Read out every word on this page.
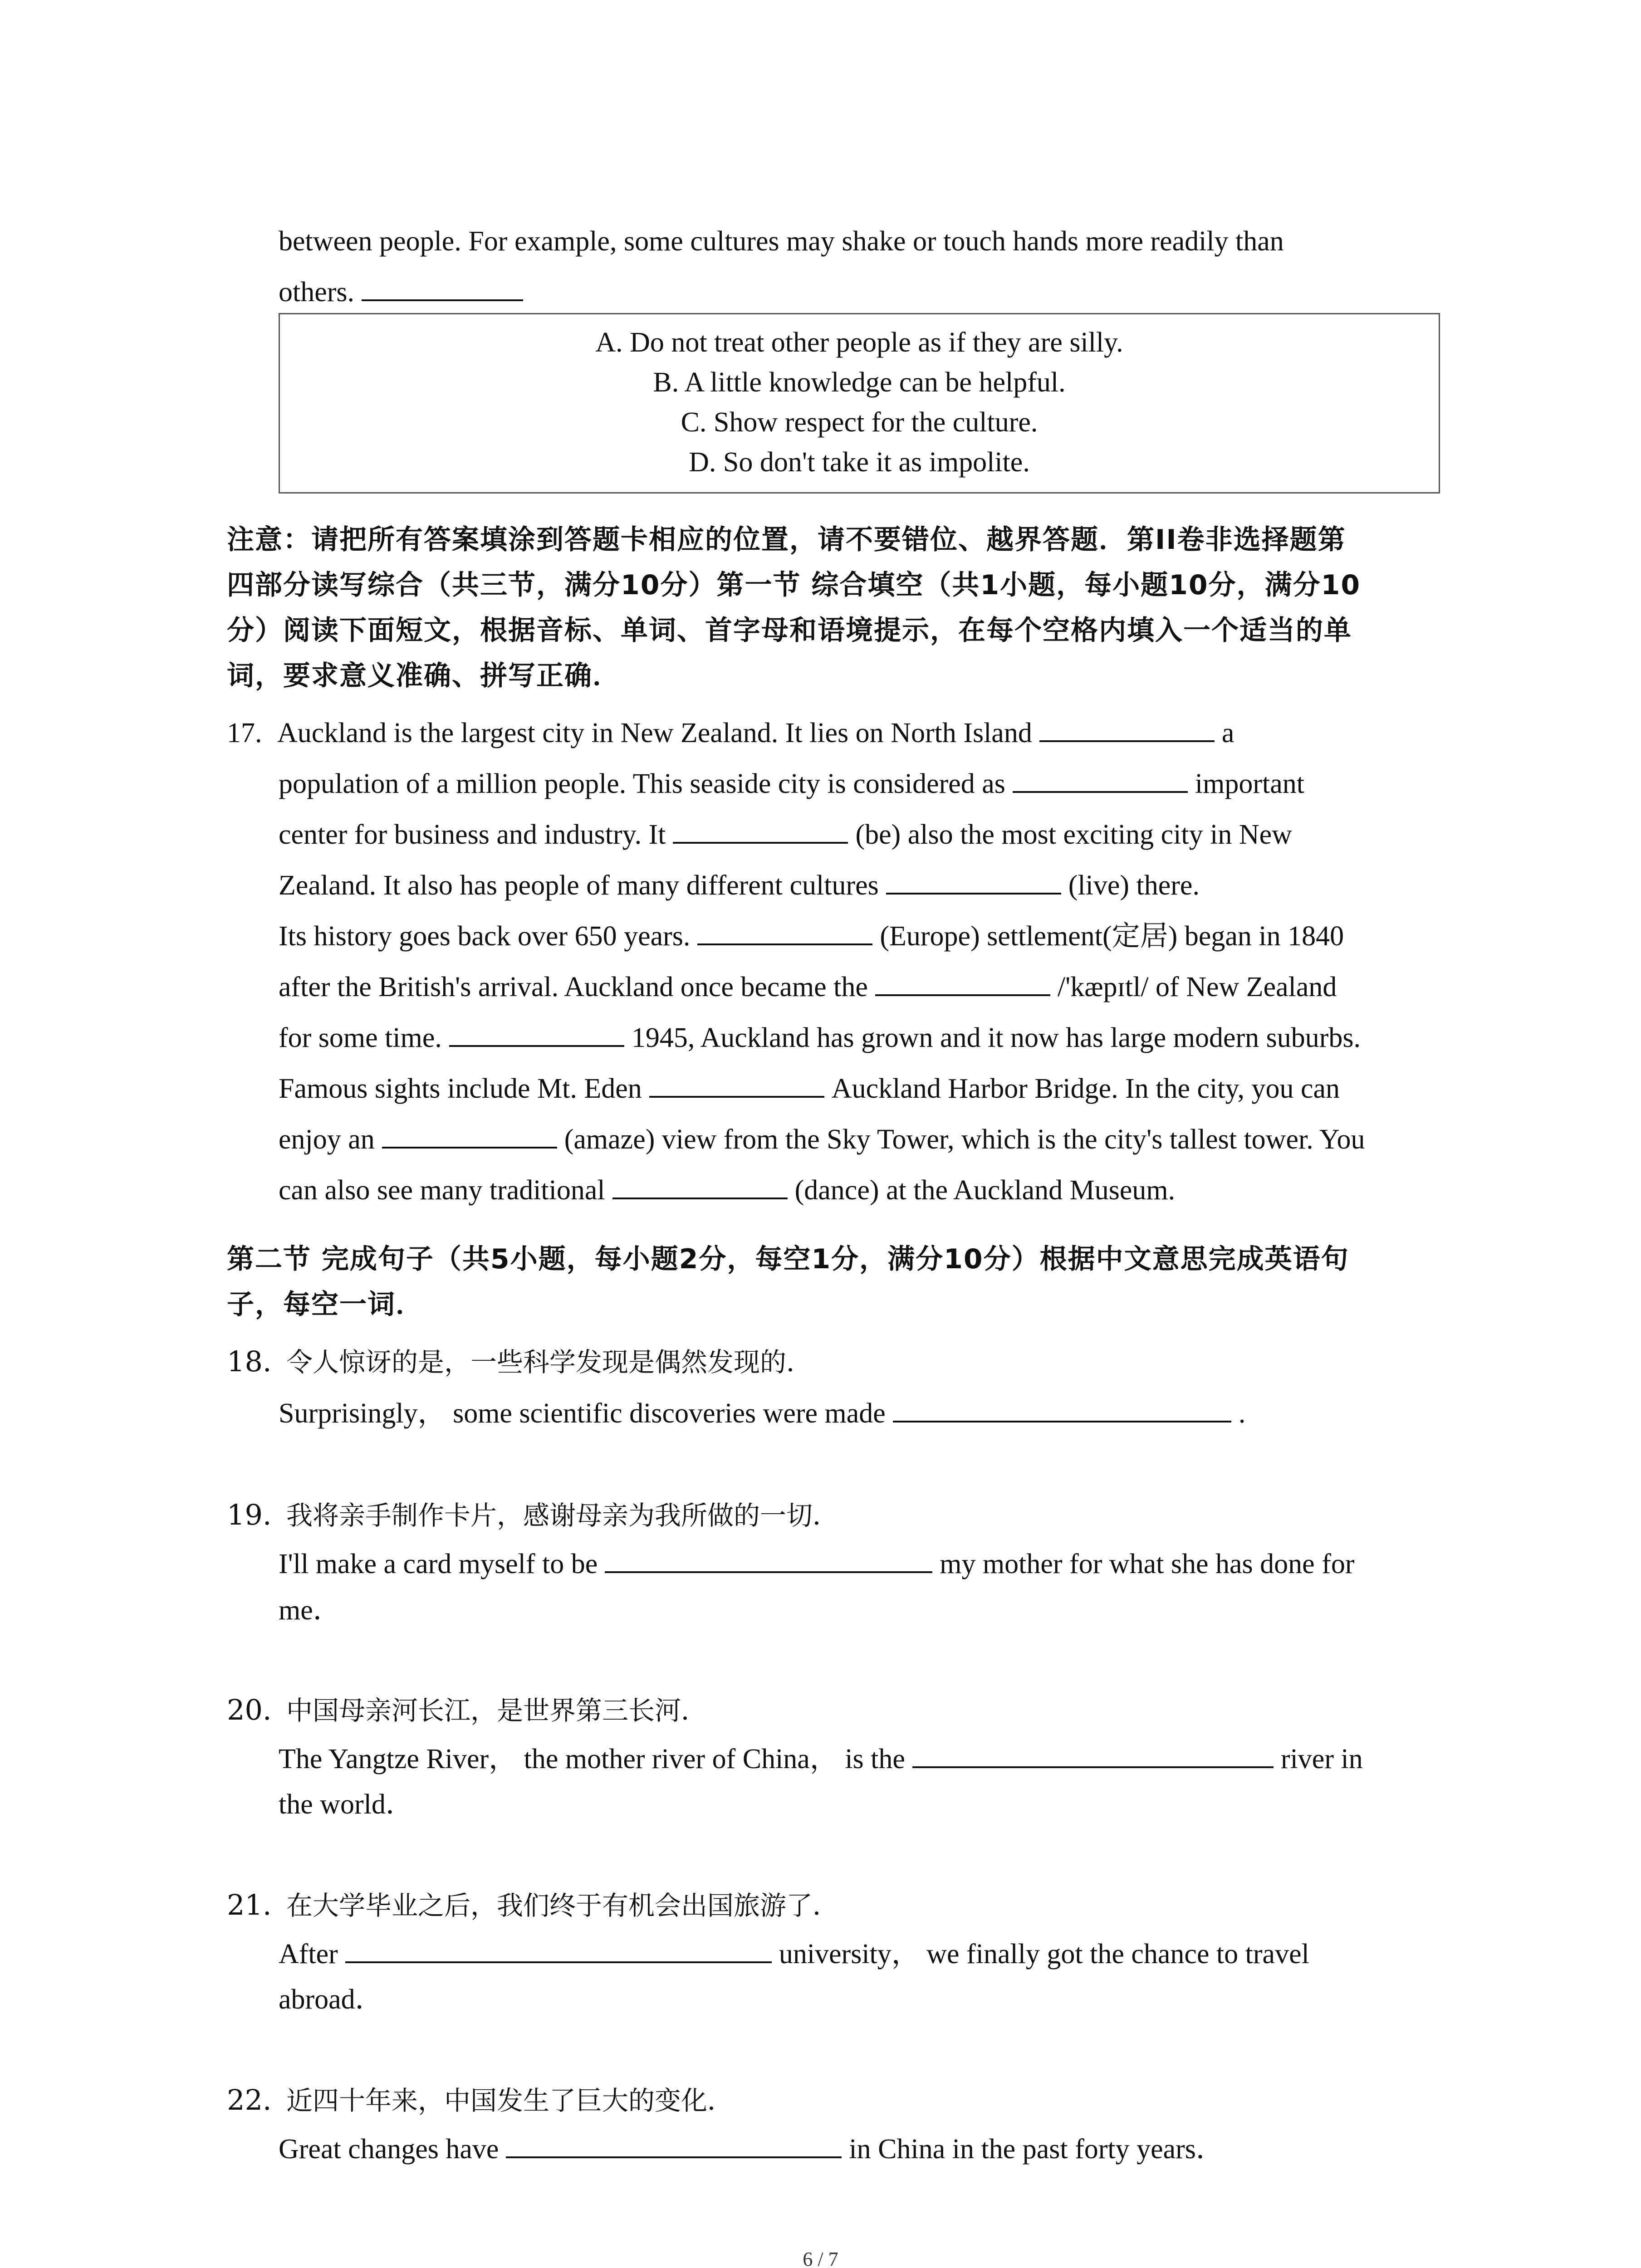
between people. For example, some cultures may shake or touch hands more readily than
others.
A. Do not treat other people as if they are silly.
B. A little knowledge can be helpful.
C. Show respect for the culture.
D. So don't take it as impolite.
注意：请把所有答案填涂到答题卡相应的位置，请不要错位、越界答题．第II卷非选择题第
四部分读写综合（共三节，满分10分）第一节 综合填空（共1小题，每小题10分，满分10
分）阅读下面短文，根据音标、单词、首字母和语境提示，在每个空格内填入一个适当的单
词，要求意义准确、拼写正确．
17. Auckland is the largest city in New Zealand. It lies on North Island	a
population of a million people. This seaside city is considered as	important
center for business and industry. It	(be) also the most exciting city in New
Zealand. It also has people of many different cultures	(live) there.
Its history goes back over 650 years.	(Europe) settlement(定居) began in 1840
after the British's arrival. Auckland once became the	/'kæpɪtl/ of New Zealand
for some time.	1945, Auckland has grown and it now has large modern suburbs.
Famous sights include Mt. Eden	Auckland Harbor Bridge. In the city, you can
enjoy an	(amaze) view from the Sky Tower, which is the city's tallest tower. You
can also see many traditional	(dance) at the Auckland Museum.
第二节 完成句子（共5小题，每小题2分，每空1分，满分10分）根据中文意思完成英语句
子，每空一词．
18. 令人惊讶的是，一些科学发现是偶然发现的．
Surprisingly， some scientific discoveries were made	.
19. 我将亲手制作卡片，感谢母亲为我所做的一切．
I'll make a card myself to be	my mother for what she has done for
me．
20. 中国母亲河长江，是世界第三长河．
The Yangtze River， the mother river of China， is the	river in
the world．
21. 在大学毕业之后，我们终于有机会出国旅游了．
After	university， we finally got the chance to travel
abroad．
22. 近四十年来，中国发生了巨大的变化．
Great changes have	in China in the past forty years．
6 / 7
